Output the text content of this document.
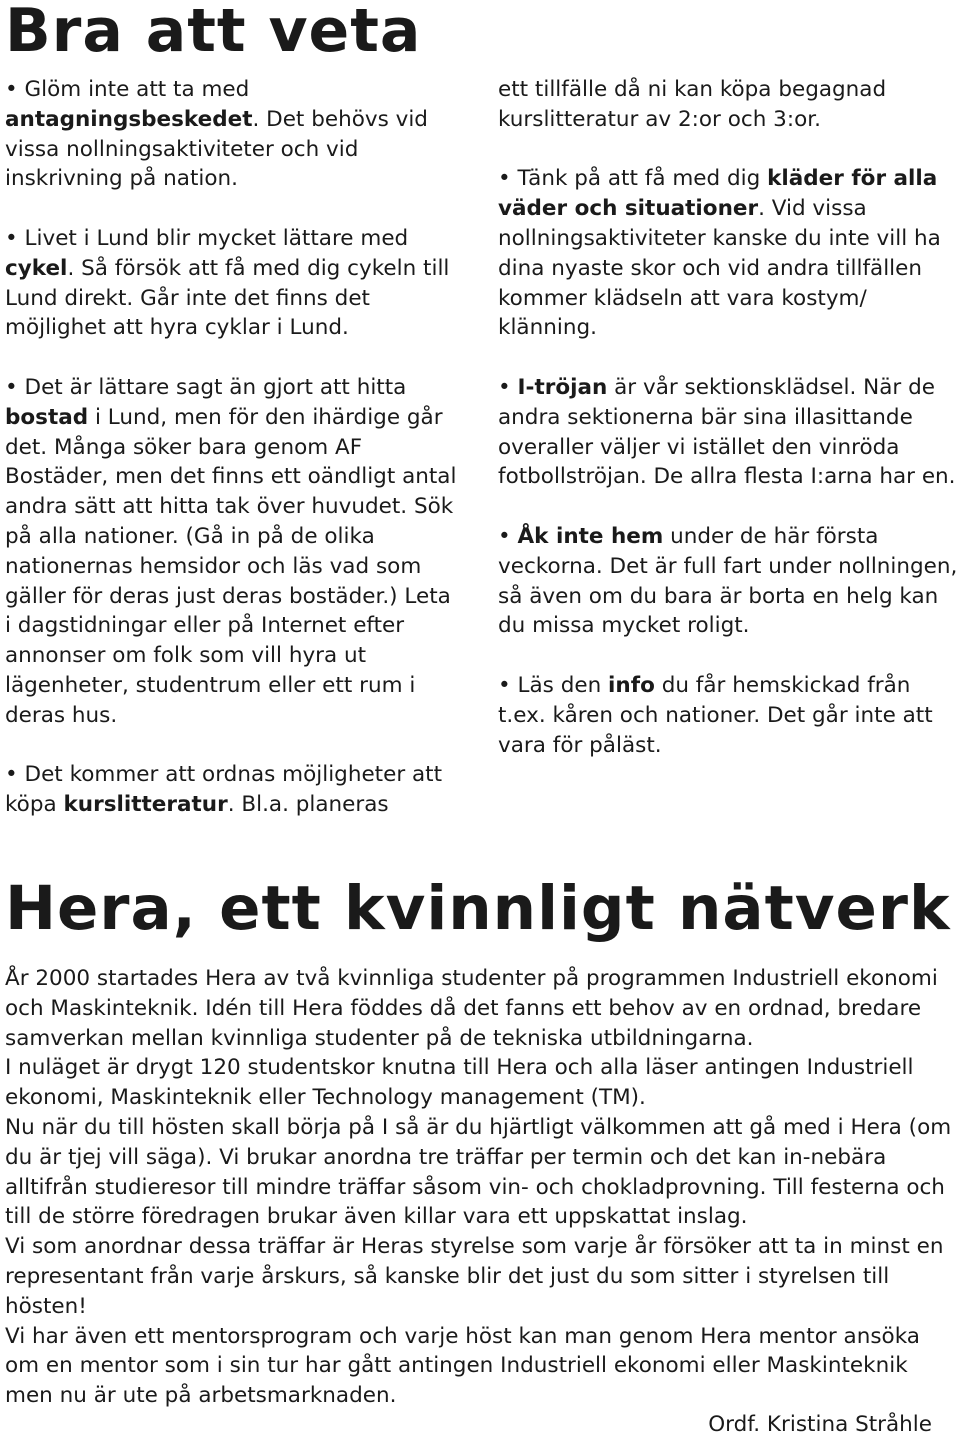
Bra att veta

• Glöm inte att ta med antagningsbeskedet. Det behövs vid vissa nollningsaktiviteter och vid inskrivning på nation.

• Livet i Lund blir mycket lättare med cykel. Så försök att få med dig cykeln till Lund direkt. Går inte det finns det möjlighet att hyra cyklar i Lund.

• Det är lättare sagt än gjort att hitta bostad i Lund, men för den ihärdige går det. Många söker bara genom AF Bostäder, men det finns ett oändligt antal andra sätt att hitta tak över huvudet. Sök på alla nationer. (Gå in på de olika nationernas hemsidor och läs vad som gäller för deras just deras bostäder.) Leta i dagstidningar eller på Internet efter annonser om folk som vill hyra ut lägenheter, studentrum eller ett rum i deras hus.

• Det kommer att ordnas möjligheter att köpa kurslitteratur. Bl.a. planeras

ett tillfälle då ni kan köpa begagnad kurslitteratur av 2:or och 3:or.

• Tänk på att få med dig kläder för alla väder och situationer. Vid vissa nollningsaktiviteter kanske du inte vill ha dina nyaste skor och vid andra tillfällen kommer klädseln att vara kostym/ klänning.

• I-tröjan är vår sektionsklädsel. När de andra sektionerna bär sina illasittande overaller väljer vi istället den vinröda fotbollströjan. De allra flesta I:arna har en.

• Åk inte hem under de här första veckorna. Det är full fart under nollningen, så även om du bara är borta en helg kan du missa mycket roligt.

• Läs den info du får hemskickad från t.ex. kåren och nationer. Det går inte att vara för påläst.

Hera, ett kvinnligt nätverk

År 2000 startades Hera av två kvinnliga studenter på programmen Industriell ekonomi och Maskinteknik. Idén till Hera föddes då det fanns ett behov av en ordnad, bredare samverkan mellan kvinnliga studenter på de tekniska utbildningarna.

I nuläget är drygt 120 studentskor knutna till Hera och alla läser antingen Industriell ekonomi, Maskinteknik eller Technology management (TM).

Nu när du till hösten skall börja på I så är du hjärtligt välkommen att gå med i Hera (om du är tjej vill säga). Vi brukar anordna tre träffar per termin och det kan in-nebära alltifrån studieresor till mindre träffar såsom vin- och chokladprovning. Till festerna och till de större föredragen brukar även killar vara ett uppskattat inslag.

Vi som anordnar dessa träffar är Heras styrelse som varje år försöker att ta in minst en representant från varje årskurs, så kanske blir det just du som sitter i styrelsen till hösten!

Vi har även ett mentorsprogram och varje höst kan man genom Hera mentor ansöka om en mentor som i sin tur har gått antingen Industriell ekonomi eller Maskinteknik men nu är ute på arbetsmarknaden.

Ordf. Kristina Stråhle
